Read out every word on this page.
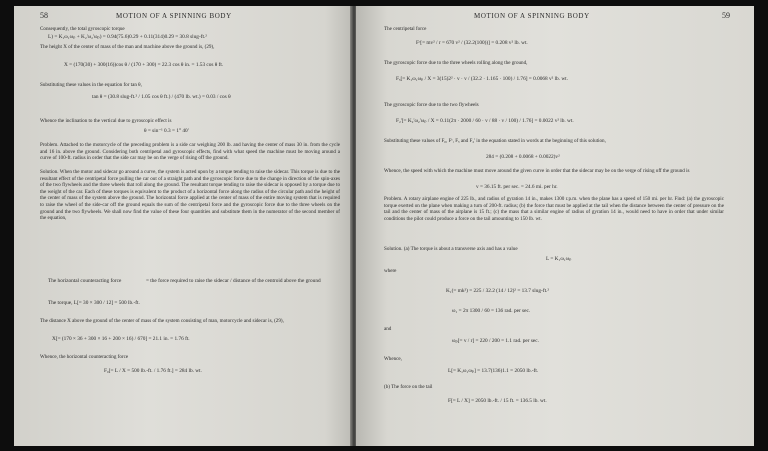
58	MOTION OF A SPINNING BODY
Consequently, the total gyroscopic torque
L) = K₁ω₁ωₚ + K₂'ω₂'ωₚ) = 0.94(75.6)0.29 + 0.11(314)0.29 = 30.8 slug-ft.²
The height X of the center of mass of the man and machine above the ground is, (29),
X = (170(30) + 300(16))cos θ / (170 + 300) = 22.3 cos θ in. = 1.53 cos θ ft.
Substituting these values in the equation for tan θ,
tan θ = (30.8 slug-ft.² / 1.05 cos θ ft.) / (470 lb. wt.) = 0.03 / cos θ
Whence the inclination to the vertical due to gyroscopic effect is
θ = sin⁻¹ 0.3 = 1° 40'
Problem. Attached to the motorcycle of the preceding problem is a side car weighing 200 lb. and having the center of mass 30 in. from the cycle and 16 in. above the ground. Considering both centripetal and gyroscopic effects, find with what speed the machine must be moving around a curve of 100-ft. radius in order that the side car may be on the verge of rising off the ground.
Solution. When the motor and sidecar go around a curve, the system is acted upon by a torque tending to raise the sidecar. This torque is due to the resultant effect of the centripetal force pulling the car out of a straight path and the gyroscopic force due to the change in direction of the spin-axes of the two flywheels and the three wheels that roll along the ground. The resultant torque tending to raise the sidecar is opposed by a torque due to the weight of the car. Each of these torques is equivalent to the product of a horizontal force along the radius of the circular path and the height of the center of mass of the system above the ground. The horizontal force applied at the center of mass of the entire moving system that is required to raise the wheel of the side-car off the ground equals the sum of the centripetal force and the gyroscopic force due to the three wheels on the ground and the two flywheels. We shall now find the value of these four quantities and substitute them in the numerator of the second member of the equation,
The horizontal counteracting force	= the force required to raise the sidecar / distance of the centroid above the ground
The torque, L[= 30 × 300 / 12] = 500 lb.-ft.
The distance X above the ground of the center of mass of the system consisting of man, motorcycle and sidecar is, (29),
X[= (170 × 36 + 300 × 16 + 200 × 16) / 670] = 21.1 in. = 1.76 ft.
Whence, the horizontal counteracting force
F₀[= L / X = 500 lb.-ft. / 1.76 ft.] = 284 lb. wt.
MOTION OF A SPINNING BODY	59
The centripetal force
Fᶜ[= mv² / r = 670 v² / (32.2(100))] = 0.208 v² lb. wt.
The gyroscopic force due to the three wheels rolling along the ground,
Fₓ[= K₁ω₁ωₚ / X = 3(15)2² · v · v / (32.2 · 1.165 · 100) / 1.76] = 0.0068 v² lb. wt.
The gyroscopic force due to the two flywheels
F₂'[= K₂'ω₂'ωₚ / X = 0.11(2π · 2000 / 60 · v / 88 · v / 100) / 1.76] = 0.0022 v² lb. wt.
Substituting these values of F₀, Fᶜ, Fₓ and F₂' in the equation stated in words at the beginning of this solution,
284 = (0.208 + 0.0068 + 0.0022)v²
Whence, the speed with which the machine must move around the given curve in order that the sidecar may be on the verge of rising off the ground is
v = 36.15 ft. per sec. = 24.6 mi. per hr.
Problem. A rotary airplane engine of 225 lb., and radius of gyration 14 in., makes 1300 r.p.m. when the plane has a speed of 150 mi. per hr. Find: (a) the gyroscopic torque exerted on the plane when making a turn of 200-ft. radius; (b) the force that must be applied at the tail when the distance between the center of pressure on the tail and the center of mass of the airplane is 15 ft.; (c) the mass that a similar engine of radius of gyration 14 in., would need to have in order that under similar conditions the pilot could produce a force on the tail amounting to 150 lb. wt.
Solution. (a) The torque is about a transverse axis and has a value
L = K₁ω₁ωₚ
where
K₁(= mk²) = 225 / 32.2 (14 / 12)² = 13.7 slug-ft.²
ω₁ = 2π 1300 / 60 = 136 rad. per sec.
and
ωₚ[= v / r] = 220 / 200 = 1.1 rad. per sec.
Whence,
L[= K₁ω₁ωₚ] = 13.7(136)1.1 = 2050 lb.-ft.
(b) The force on the tail
F[= L / X] = 2050 lb.-ft. / 15 ft. = 136.5 lb. wt.
